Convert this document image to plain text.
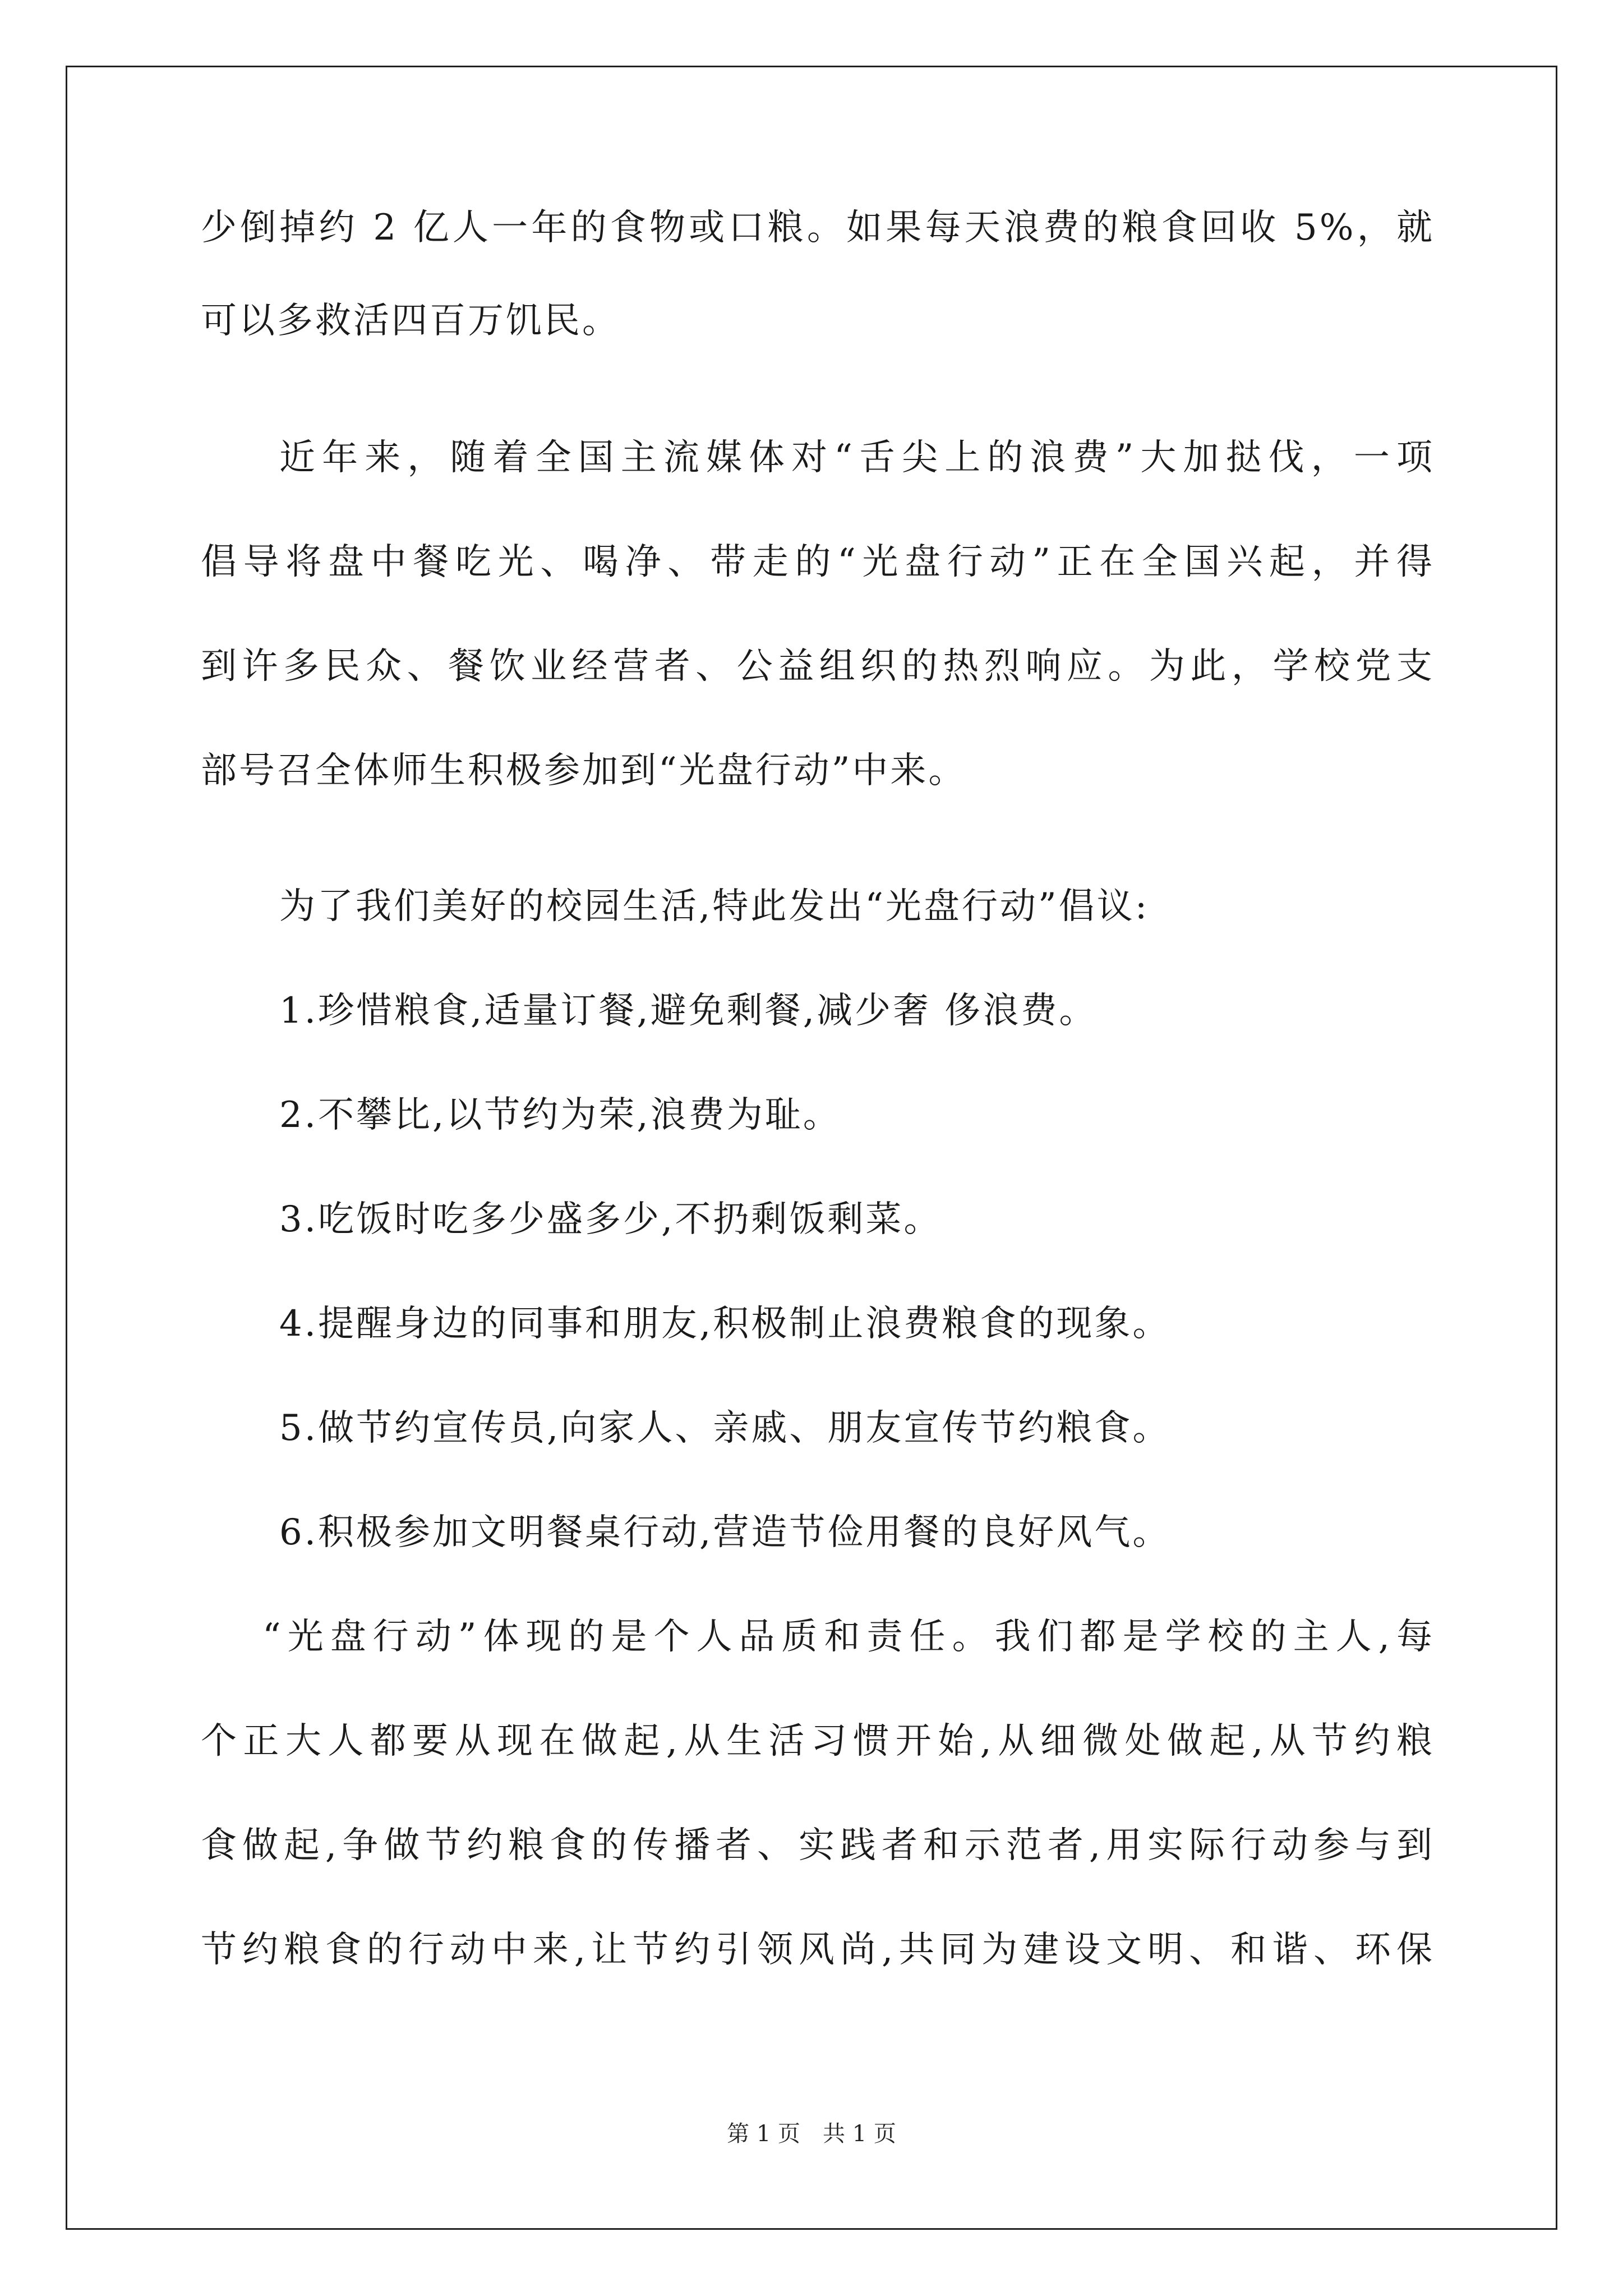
少倒掉约 2 亿人一年的食物或口粮。如果每天浪费的粮食回收 5%，就
可以多救活四百万饥民。
近年来，随着全国主流媒体对“舌尖上的浪费”大加挞伐，一项
倡导将盘中餐吃光、喝净、带走的“光盘行动”正在全国兴起，并得
到许多民众、餐饮业经营者、公益组织的热烈响应。为此，学校党支
部号召全体师生积极参加到“光盘行动”中来。
为了我们美好的校园生活,特此发出“光盘行动”倡议:
1.珍惜粮食,适量订餐,避免剩餐,减少奢 侈浪费。
2.不攀比,以节约为荣,浪费为耻。
3.吃饭时吃多少盛多少,不扔剩饭剩菜。
4.提醒身边的同事和朋友,积极制止浪费粮食的现象。
5.做节约宣传员,向家人、亲戚、朋友宣传节约粮食。
6.积极参加文明餐桌行动,营造节俭用餐的良好风气。
“光盘行动”体现的是个人品质和责任。我们都是学校的主人,每
个正大人都要从现在做起,从生活习惯开始,从细微处做起,从节约粮
食做起,争做节约粮食的传播者、实践者和示范者,用实际行动参与到
节约粮食的行动中来,让节约引领风尚,共同为建设文明、和谐、环保
第 1 页　共 1 页
